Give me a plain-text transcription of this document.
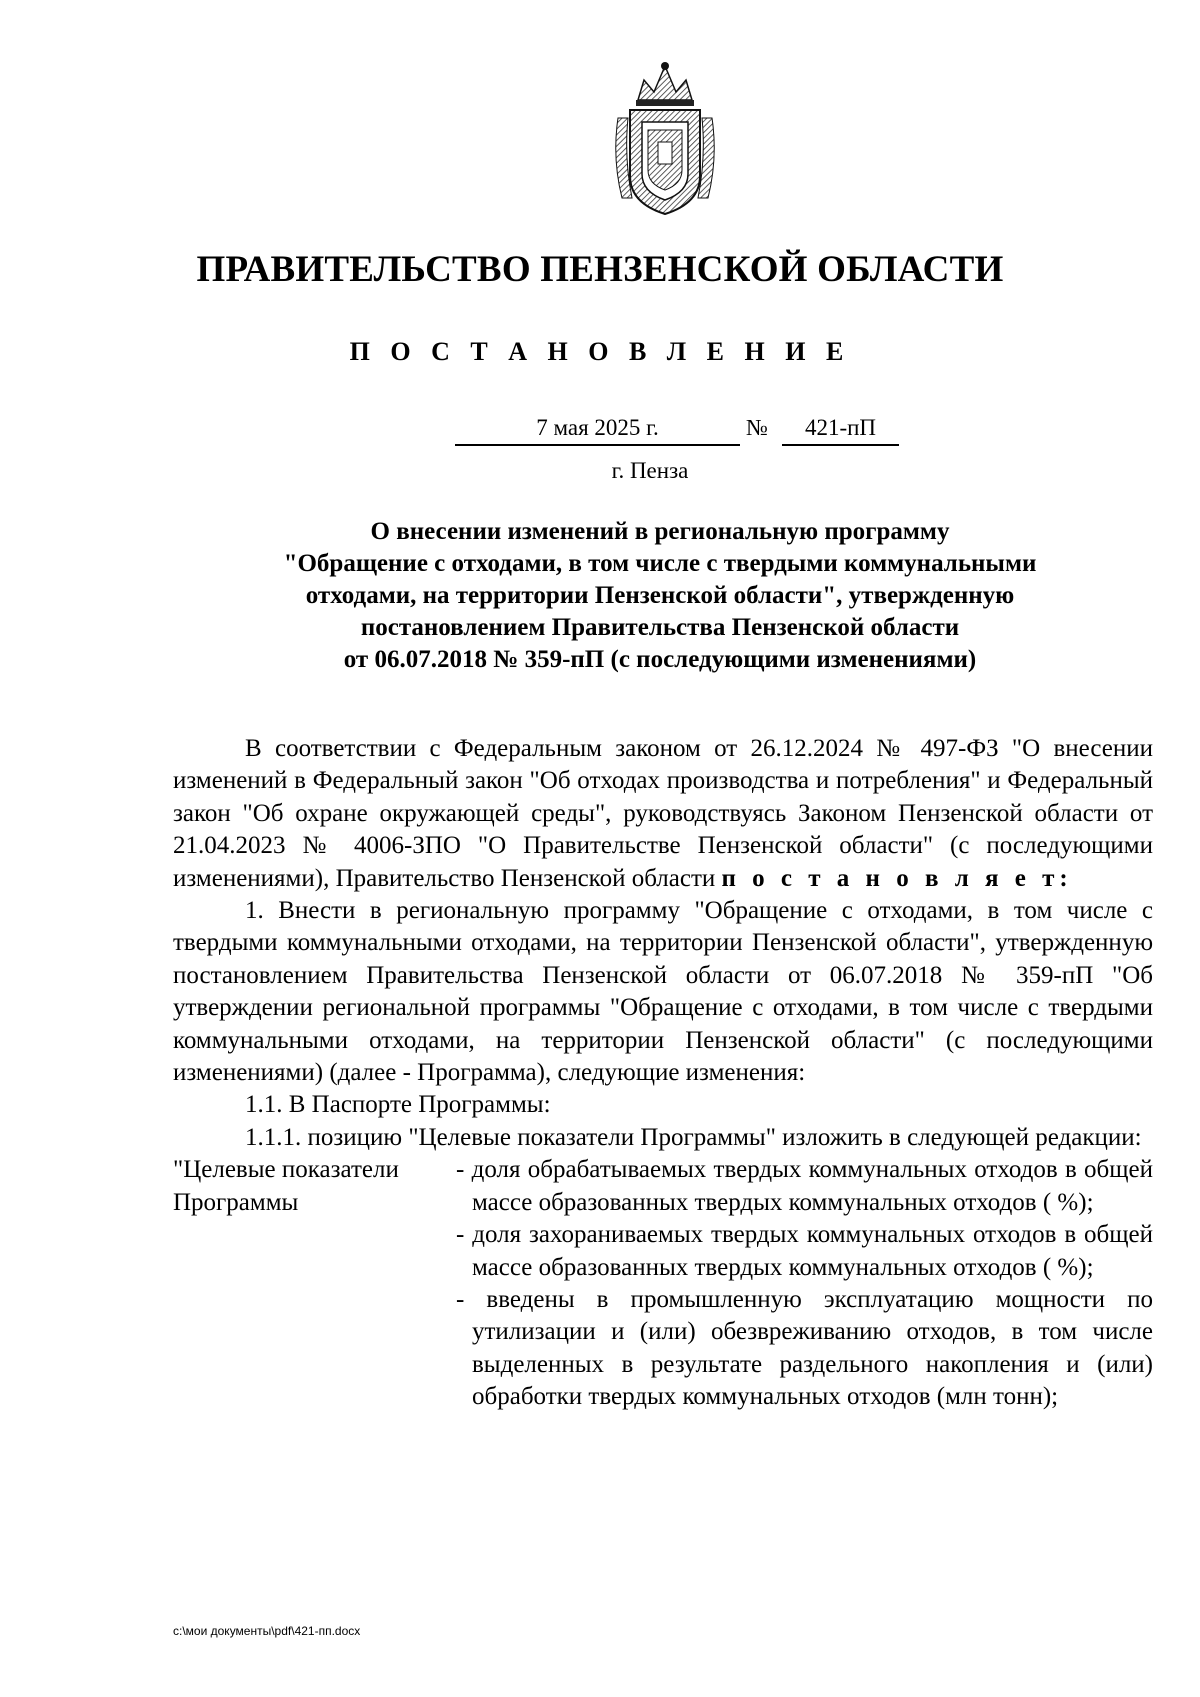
ПРАВИТЕЛЬСТВО ПЕНЗЕНСКОЙ ОБЛАСТИ
П О С Т А Н О В Л Е Н И Е
7 мая 2025 г.	№	421-пП
г. Пенза
О внесении изменений в региональную программу
"Обращение с отходами, в том числе с твердыми коммунальными
отходами, на территории Пензенской области", утвержденную
постановлением Правительства Пензенской области
от 06.07.2018 № 359-пП (с последующими изменениями)

В соответствии с Федеральным законом от 26.12.2024 № 497-ФЗ "О внесении изменений в Федеральный закон "Об отходах производства и потребления" и Федеральный закон "Об охране окружающей среды", руководствуясь Законом Пензенской области от 21.04.2023 № 4006-ЗПО "О Правительстве Пензенской области" (с последующими изменениями), Правительство Пензенской области п о с т а н о в л я е т:

1. Внести в региональную программу "Обращение с отходами, в том числе с твердыми коммунальными отходами, на территории Пензенской области", утвержденную постановлением Правительства Пензенской области от 06.07.2018 № 359-пП "Об утверждении региональной программы "Обращение с отходами, в том числе с твердыми коммунальными отходами, на территории Пензенской области" (с последующими изменениями) (далее - Программа), следующие изменения:

1.1. В Паспорте Программы:

1.1.1. позицию "Целевые показатели Программы" изложить в следующей редакции:

"Целевые показатели Программы

- доля обрабатываемых твердых коммунальных отходов в общей массе образованных твердых коммунальных отходов ( %);

- доля захораниваемых твердых коммунальных отходов в общей массе образованных твердых коммунальных отходов ( %);

- введены в промышленную эксплуатацию мощности по утилизации и (или) обезвреживанию отходов, в том числе выделенных в результате раздельного накопления и (или) обработки твердых коммунальных отходов (млн тонн);

c:\мои документы\pdf\421-пп.docx
